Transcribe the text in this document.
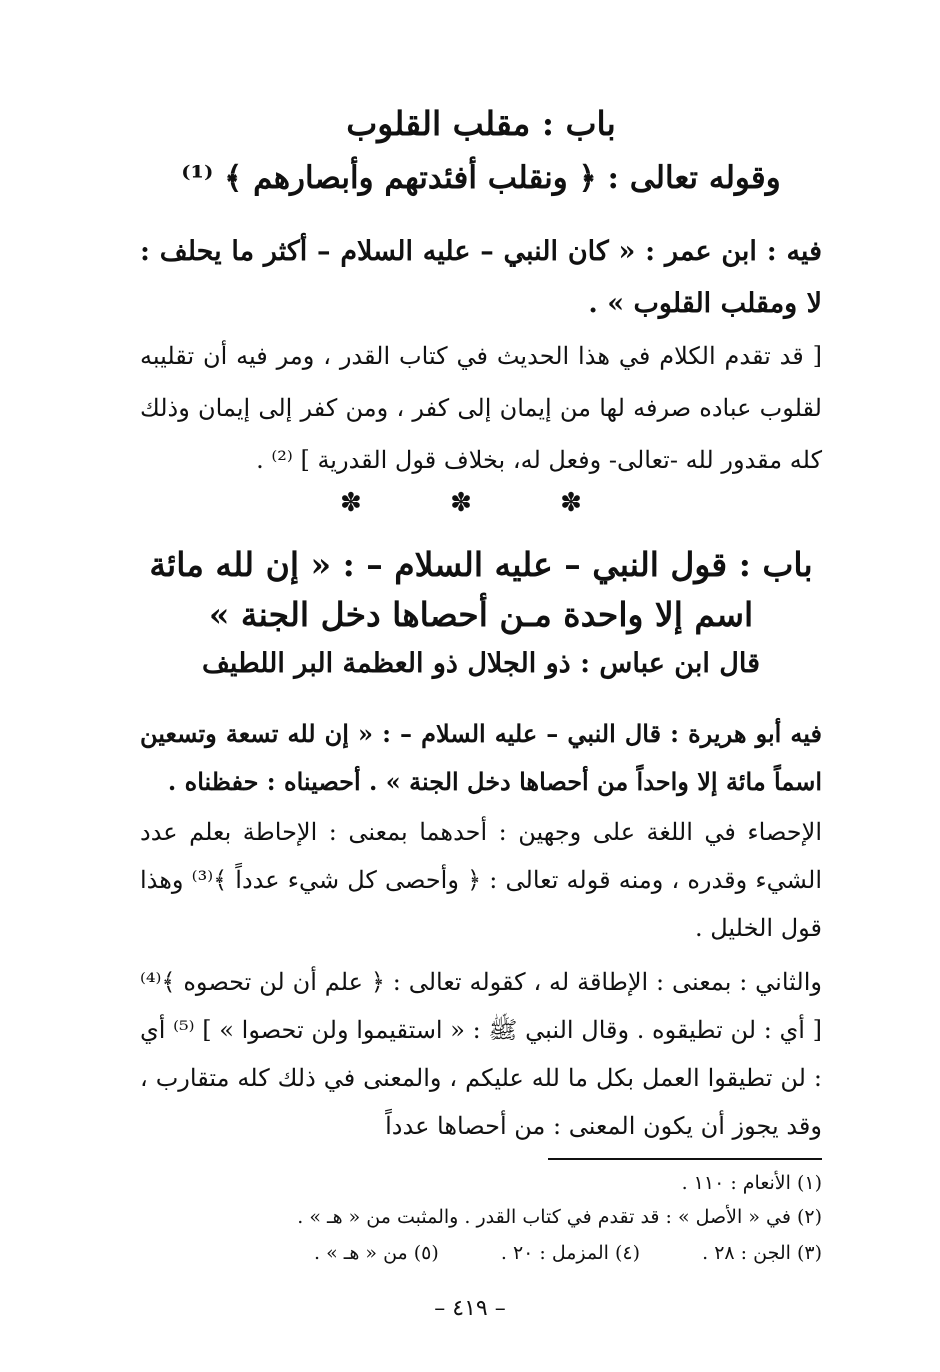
باب : مقلب القلوب
وقوله تعالى : ﴿ ونقلب أفئدتهم وأبصارهم ﴾ ⁽¹⁾
فيه : ابن عمر : « كان النبي – عليه السلام – أكثر ما يحلف : لا ومقلب القلوب » .
[ قد تقدم الكلام في هذا الحديث في كتاب القدر ، ومر فيه أن تقليبه لقلوب عباده صرفه لها من إيمان إلى كفر ، ومن كفر إلى إيمان وذلك كله مقدور لله -تعالى- وفعل له، بخلاف قول القدرية ] ⁽²⁾ .
✽ ✽ ✽
باب : قول النبي – عليه السلام – : « إن لله مائة اسم إلا واحدة مـن أحصاها دخل الجنة »
قال ابن عباس : ذو الجلال ذو العظمة البر اللطيف
فيه أبو هريرة : قال النبي – عليه السلام – : « إن لله تسعة وتسعين اسماً مائة إلا واحداً من أحصاها دخل الجنة » . أحصيناه : حفظناه .
الإحصاء في اللغة على وجهين : أحدهما بمعنى : الإحاطة بعلم عدد الشيء وقدره ، ومنه قوله تعالى : ﴿ وأحصى كل شيء عدداً ﴾⁽³⁾ وهذا قول الخليل .
والثاني : بمعنى : الإطاقة له ، كقوله تعالى : ﴿ علم أن لن تحصوه ﴾⁽⁴⁾ [ أي : لن تطيقوه . وقال النبي ﷺ : « استقيموا ولن تحصوا » ] ⁽⁵⁾ أي : لن تطيقوا العمل بكل ما لله عليكم ، والمعنى في ذلك كله متقارب ، وقد يجوز أن يكون المعنى : من أحصاها عدداً
(١) الأنعام : ١١٠ .
(٢) في « الأصل » : قد تقدم في كتاب القدر . والمثبت من « هـ » .
(٣) الجن : ٢٨ . (٤) المزمل : ٢٠ . (٥) من « هـ » .
– ٤١٩ –
